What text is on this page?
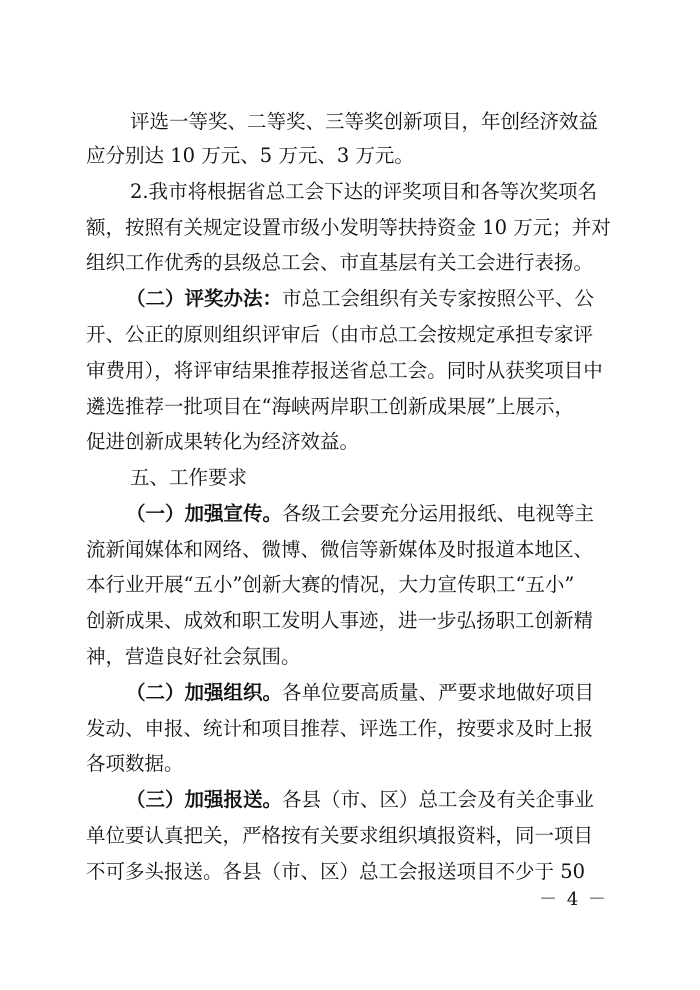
评选一等奖、二等奖、三等奖创新项目，年创经济效益
应分别达 10 万元、5 万元、3 万元。
2.我市将根据省总工会下达的评奖项目和各等次奖项名
额，按照有关规定设置市级小发明等扶持资金 10 万元；并对
组织工作优秀的县级总工会、市直基层有关工会进行表扬。
（二）评奖办法：市总工会组织有关专家按照公平、公
开、公正的原则组织评审后（由市总工会按规定承担专家评
审费用），将评审结果推荐报送省总工会。同时从获奖项目中
遴选推荐一批项目在“海峡两岸职工创新成果展”上展示，
促进创新成果转化为经济效益。
五、工作要求
（一）加强宣传。各级工会要充分运用报纸、电视等主
流新闻媒体和网络、微博、微信等新媒体及时报道本地区、
本行业开展“五小”创新大赛的情况，大力宣传职工“五小”
创新成果、成效和职工发明人事迹，进一步弘扬职工创新精
神，营造良好社会氛围。
（二）加强组织。各单位要高质量、严要求地做好项目
发动、申报、统计和项目推荐、评选工作，按要求及时上报
各项数据。
（三）加强报送。各县（市、区）总工会及有关企事业
单位要认真把关，严格按有关要求组织填报资料，同一项目
不可多头报送。各县（市、区）总工会报送项目不少于 50
－ 4 －
